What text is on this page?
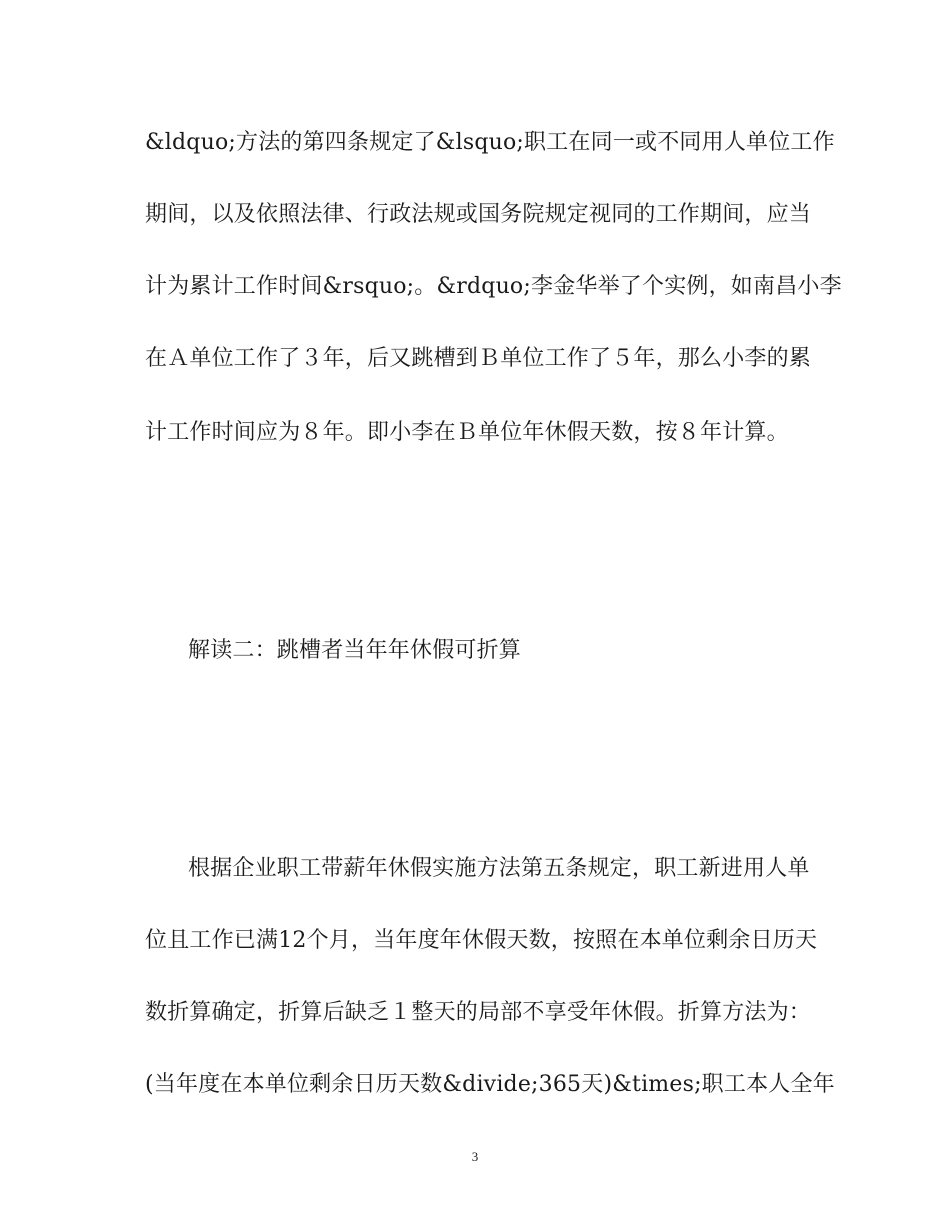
&ldquo;方法的第四条规定了&lsquo;职工在同一或不同用人单位工作
期间，以及依照法律、行政法规或国务院规定视同的工作期间，应当
计为累计工作时间&rsquo;。&rdquo;李金华举了个实例，如南昌小李
在Ａ单位工作了３年，后又跳槽到Ｂ单位工作了５年，那么小李的累
计工作时间应为８年。即小李在Ｂ单位年休假天数，按８年计算。
解读二：跳槽者当年年休假可折算
根据企业职工带薪年休假实施方法第五条规定，职工新进用人单
位且工作已满12个月，当年度年休假天数，按照在本单位剩余日历天
数折算确定，折算后缺乏１整天的局部不享受年休假。折算方法为：
(当年度在本单位剩余日历天数&divide;365天)&times;职工本人全年
3
